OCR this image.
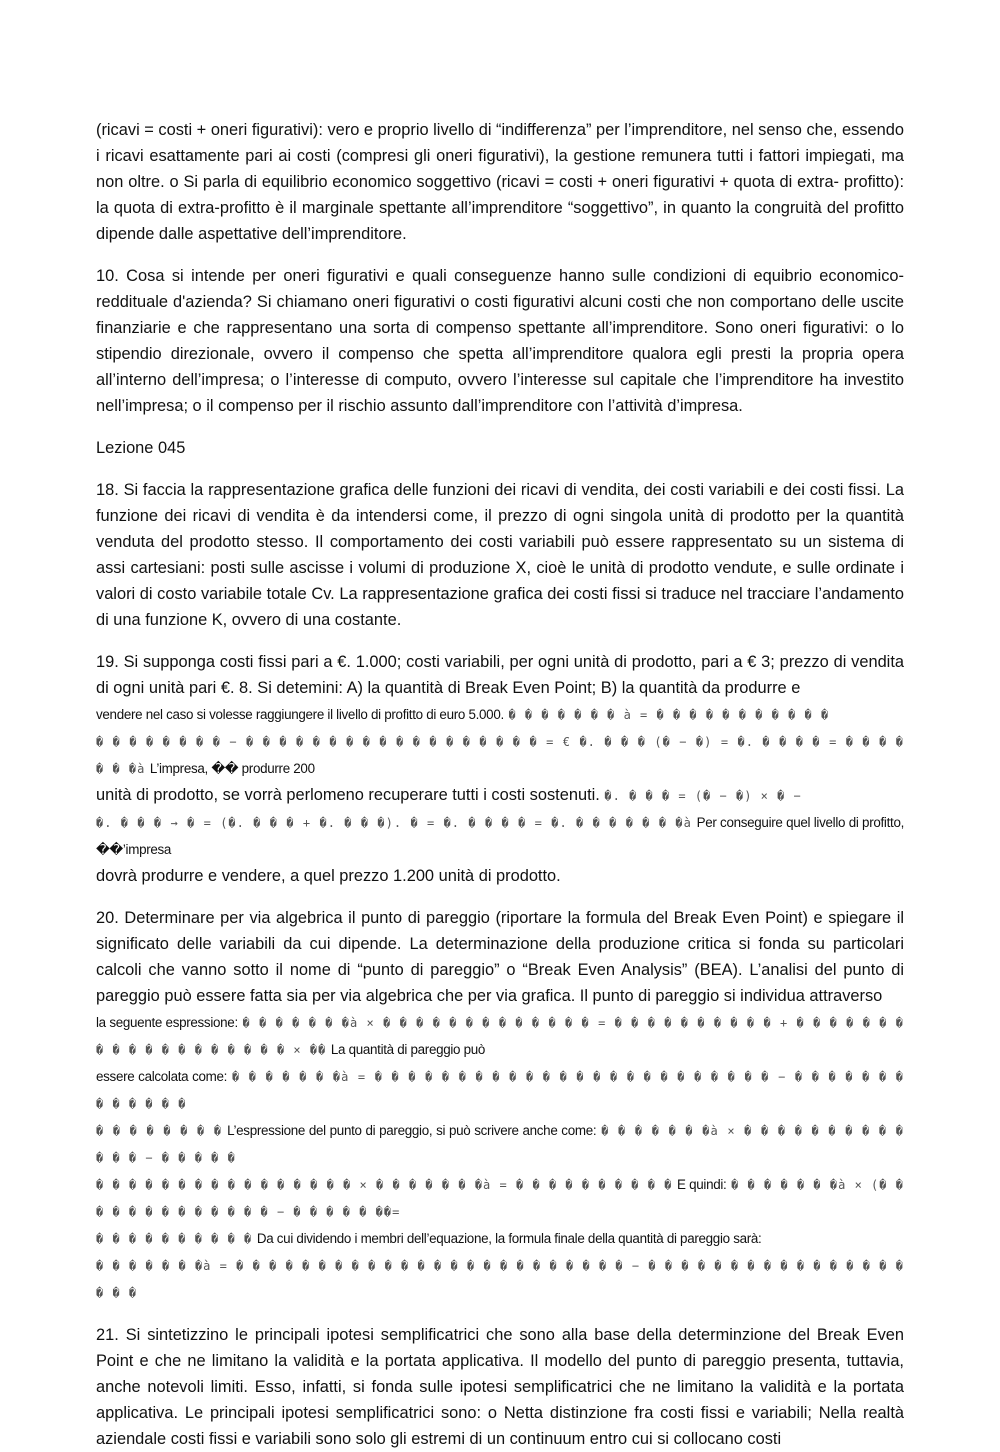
(ricavi = costi + oneri figurativi): vero e proprio livello di “indifferenza” per l’imprenditore, nel senso che, essendo i ricavi esattamente pari ai costi (compresi gli oneri figurativi), la gestione remunera tutti i fattori impiegati, ma non oltre. o Si parla di equilibrio economico soggettivo (ricavi = costi + oneri figurativi + quota di extra- profitto): la quota di extra-profitto è il marginale spettante all’imprenditore “soggettivo”, in quanto la congruità del profitto dipende dalle aspettative dell’imprenditore.

10. Cosa si intende per oneri figurativi e quali conseguenze hanno sulle condizioni di equibrio economico-reddituale d'azienda? Si chiamano oneri figurativi o costi figurativi alcuni costi che non comportano delle uscite finanziarie e che rappresentano una sorta di compenso spettante all’imprenditore. Sono oneri figurativi: o lo stipendio direzionale, ovvero il compenso che spetta all’imprenditore qualora egli presti la propria opera all’interno dell’impresa; o l’interesse di computo, ovvero l’interesse sul capitale che l’imprenditore ha investito nell’impresa; o il compenso per il rischio assunto dall’imprenditore con l’attività d’impresa.

Lezione 045

18. Si faccia la rappresentazione grafica delle funzioni dei ricavi di vendita, dei costi variabili e dei costi fissi. La funzione dei ricavi di vendita è da intendersi come, il prezzo di ogni singola unità di prodotto per la quantità venduta del prodotto stesso. Il comportamento dei costi variabili può essere rappresentato su un sistema di assi cartesiani: posti sulle ascisse i volumi di produzione X, cioè le unità di prodotto vendute, e sulle ordinate i valori di costo variabile totale Cv. La rappresentazione grafica dei costi fissi si traduce nel tracciare l’andamento di una funzione K, ovvero di una costante.

19. Si supponga costi fissi pari a €. 1.000; costi variabili, per ogni unità di prodotto, pari a € 3; prezzo di vendita di ogni unità pari €. 8. Si detemini: A) la quantità di Break Even Point; B) la quantità da produrre e
vendere nel caso si volesse raggiungere il livello di profitto di euro 5.000. � � � � � � � à = � � � � � � � � � � �
� � � � � � � � − � � � � � � � � � � � � � � � � � � = € �. � � � (� − �) = �. � � � � = � � � � � � �à L’impresa, �� produrre 200
unità di prodotto, se vorrà perlomeno recuperare tutti i costi sostenuti. �. � � � = (� − �) × � −
�. � � � → � = (�. � � � + �. � � �). � = �. � � � � = �. � � � � � � �à Per conseguire quel livello di profitto, ��’impresa
dovrà produrre e vendere, a quel prezzo 1.200 unità di prodotto.

20. Determinare per via algebrica il punto di pareggio (riportare la formula del Break Even Point) e spiegare il significato delle variabili da cui dipende. La determinazione della produzione critica si fonda su particolari calcoli che vanno sotto il nome di “punto di pareggio” o “Break Even Analysis” (BEA). L’analisi del punto di pareggio può essere fatta sia per via algebrica che per via grafica. Il punto di pareggio si individua attraverso
la seguente espressione: � � � � � � �à × � � � � � � � � � � � � � = � � � � � � � � � � + � � � � � � � � � � � � � � � � � � � × �� La quantità di pareggio può
essere calcolata come: � � � � � � �à = � � � � � � � � � � � � � � � � � � � � � � � � − � � � � � � � � � � � � �
� � � � � � � � L’espressione del punto di pareggio, si può scrivere anche come: � � � � � � �à × � � � � � � � � � � � � � − � � � � �
� � � � � � � � � � � � � � � � × � � � � � � �à = � � � � � � � � � � E quindi: � � � � � � �à × (� � � � � � � � � � � � � − � � � � � ��=
� � � � � � � � � � Da cui dividendo i membri dell’equazione, la formula finale della quantità di pareggio sarà:
� � � � � � �à = � � � � � � � � � � � � � � � � � � � � � � � � − � � � � � � � � � � � � � � � � � � �

21. Si sintetizzino le principali ipotesi semplificatrici che sono alla base della determinzione del Break Even Point e che ne limitano la validità e la portata applicativa. Il modello del punto di pareggio presenta, tuttavia, anche notevoli limiti. Esso, infatti, si fonda sulle ipotesi semplificatrici che ne limitano la validità e la portata applicativa. Le principali ipotesi semplificatrici sono: o Netta distinzione fra costi fissi e variabili; Nella realtà aziendale costi fissi e variabili sono solo gli estremi di un continuum entro cui si collocano costi
